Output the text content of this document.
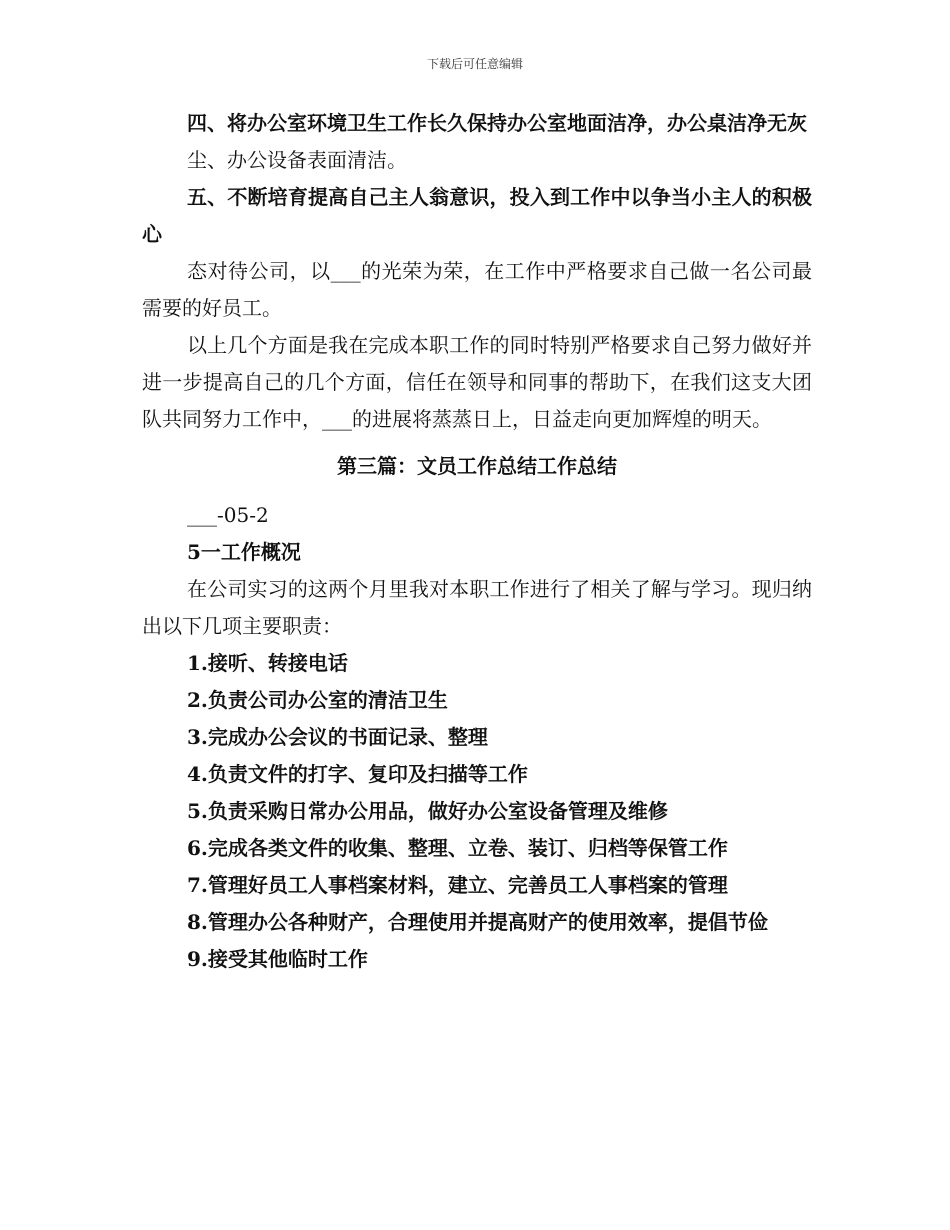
下载后可任意编辑

四、将办公室环境卫生工作长久保持办公室地面洁净，办公桌洁净无灰

尘、办公设备表面清洁。

五、不断培育提高自己主人翁意识，投入到工作中以争当小主人的积极心

态对待公司，以___的光荣为荣，在工作中严格要求自己做一名公司最需要的好员工。

以上几个方面是我在完成本职工作的同时特别严格要求自己努力做好并进一步提高自己的几个方面，信任在领导和同事的帮助下，在我们这支大团队共同努力工作中，___的进展将蒸蒸日上，日益走向更加辉煌的明天。

第三篇：文员工作总结工作总结

___-05-2

5一工作概况

在公司实习的这两个月里我对本职工作进行了相关了解与学习。现归纳出以下几项主要职责：

1.接听、转接电话

2.负责公司办公室的清洁卫生

3.完成办公会议的书面记录、整理

4.负责文件的打字、复印及扫描等工作

5.负责采购日常办公用品，做好办公室设备管理及维修

6.完成各类文件的收集、整理、立卷、装订、归档等保管工作

7.管理好员工人事档案材料，建立、完善员工人事档案的管理

8.管理办公各种财产，合理使用并提高财产的使用效率，提倡节俭

9.接受其他临时工作
